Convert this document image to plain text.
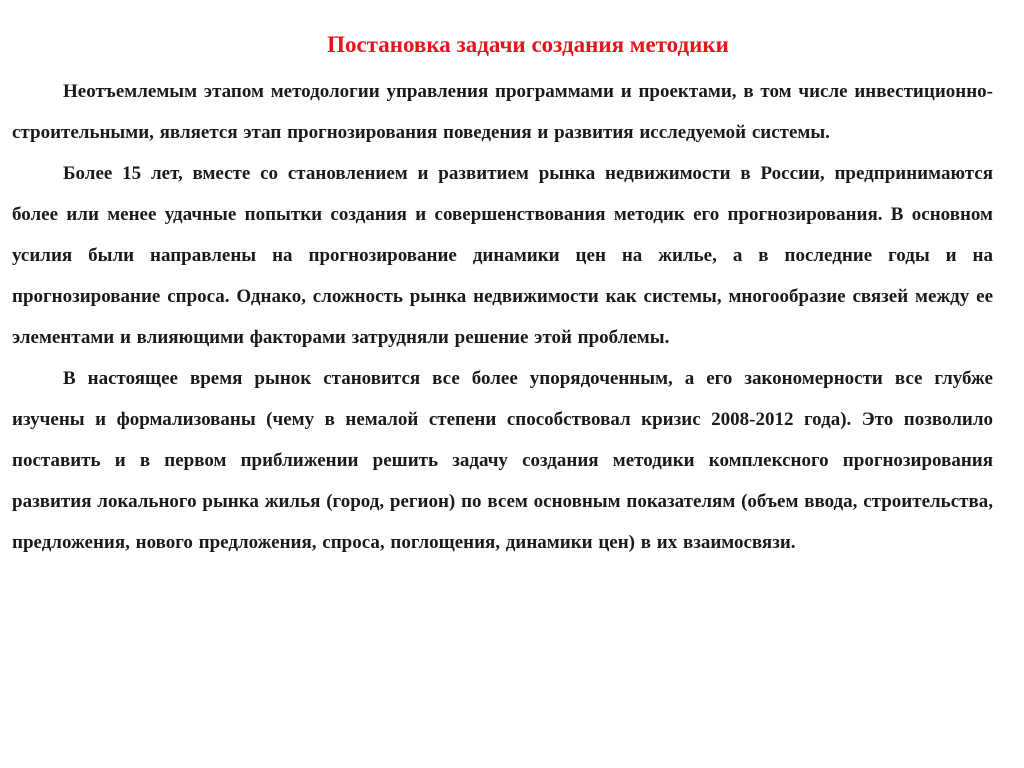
Постановка задачи создания методики

Неотъемлемым этапом методологии управления программами и проектами, в том числе инвестиционно-строительными, является этап прогнозирования поведения и развития исследуемой системы.

Более 15 лет, вместе со становлением и развитием рынка недвижимости в России, предпринимаются более или менее удачные попытки создания и совершенствования методик его прогнозирования. В основном усилия были направлены на прогнозирование динамики цен на жилье, а в последние годы и на прогнозирование спроса. Однако, сложность рынка недвижимости как системы, многообразие связей между ее элементами и влияющими факторами затрудняли решение этой проблемы.

В настоящее время рынок становится все более упорядоченным, а его закономерности все глубже изучены и формализованы (чему в немалой степени способствовал кризис 2008-2012 года). Это позволило поставить и в первом приближении решить задачу создания методики комплексного прогнозирования развития локального рынка жилья (город, регион) по всем основным показателям (объем ввода, строительства, предложения, нового предложения, спроса, поглощения, динамики цен) в их взаимосвязи.
